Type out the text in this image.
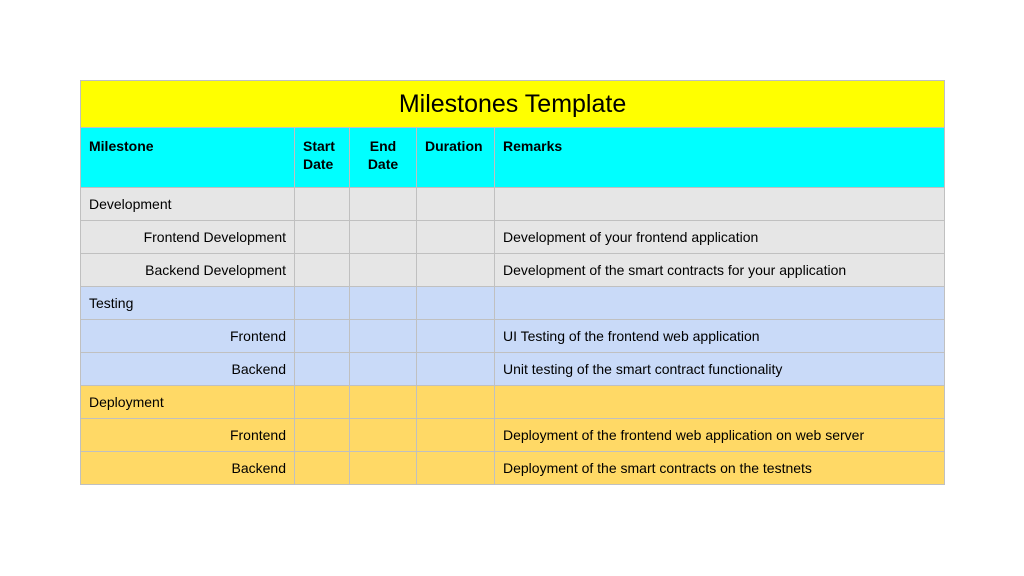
Milestones Template				
Milestone	Start Date	End Date	Duration	Remarks
Development				
Frontend Development				Development of your frontend application
Backend Development				Development of the smart contracts for your application
Testing				
Frontend				UI Testing of the frontend web application
Backend				Unit testing of the smart contract functionality
Deployment				
Frontend				Deployment of the frontend web application on web server
Backend				Deployment of the smart contracts on the testnets
